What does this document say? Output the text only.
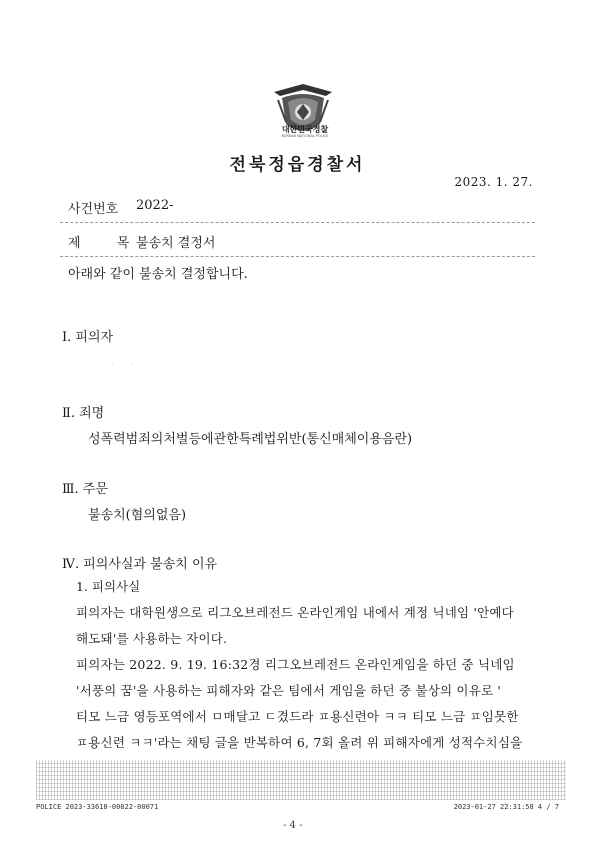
대한민국경찰
KOREAN NATIONAL POLICE
전북정읍경찰서
2023. 1. 27.
사건번호 2022-
제 목
불송치 결정서
아래와 같이 불송치 결정합니다.
Ⅰ. 피의자
· · ·
Ⅱ. 죄명
성폭력범죄의처벌등에관한특례법위반(통신매체이용음란)
Ⅲ. 주문
불송치(혐의없음)
Ⅳ. 피의사실과 불송치 이유
1. 피의사실
피의자는 대학원생으로 리그오브레전드 온라인게임 내에서 계정 닉네임 '안예다
해도돼'를 사용하는 자이다.
피의자는 2022. 9. 19. 16:32경 리그오브레전드 온라인게임을 하던 중 닉네임
'서풍의 꿈'을 사용하는 피해자와 같은 팀에서 게임을 하던 중 불상의 이유로 '
티모 느금 영등포역에서 ㅁ매달고 ㄷ겼드라 ㅍ용신련아 ㅋㅋ 티모 느금 ㅍ임못한
ㅍ용신련 ㅋㅋ'라는 채팅 글을 반복하여 6, 7회 올려 위 피해자에게 성적수치심을
POLICE 2023-33618-00822-00071	2023-01-27 22:31:58 4 / 7
- 4 -
